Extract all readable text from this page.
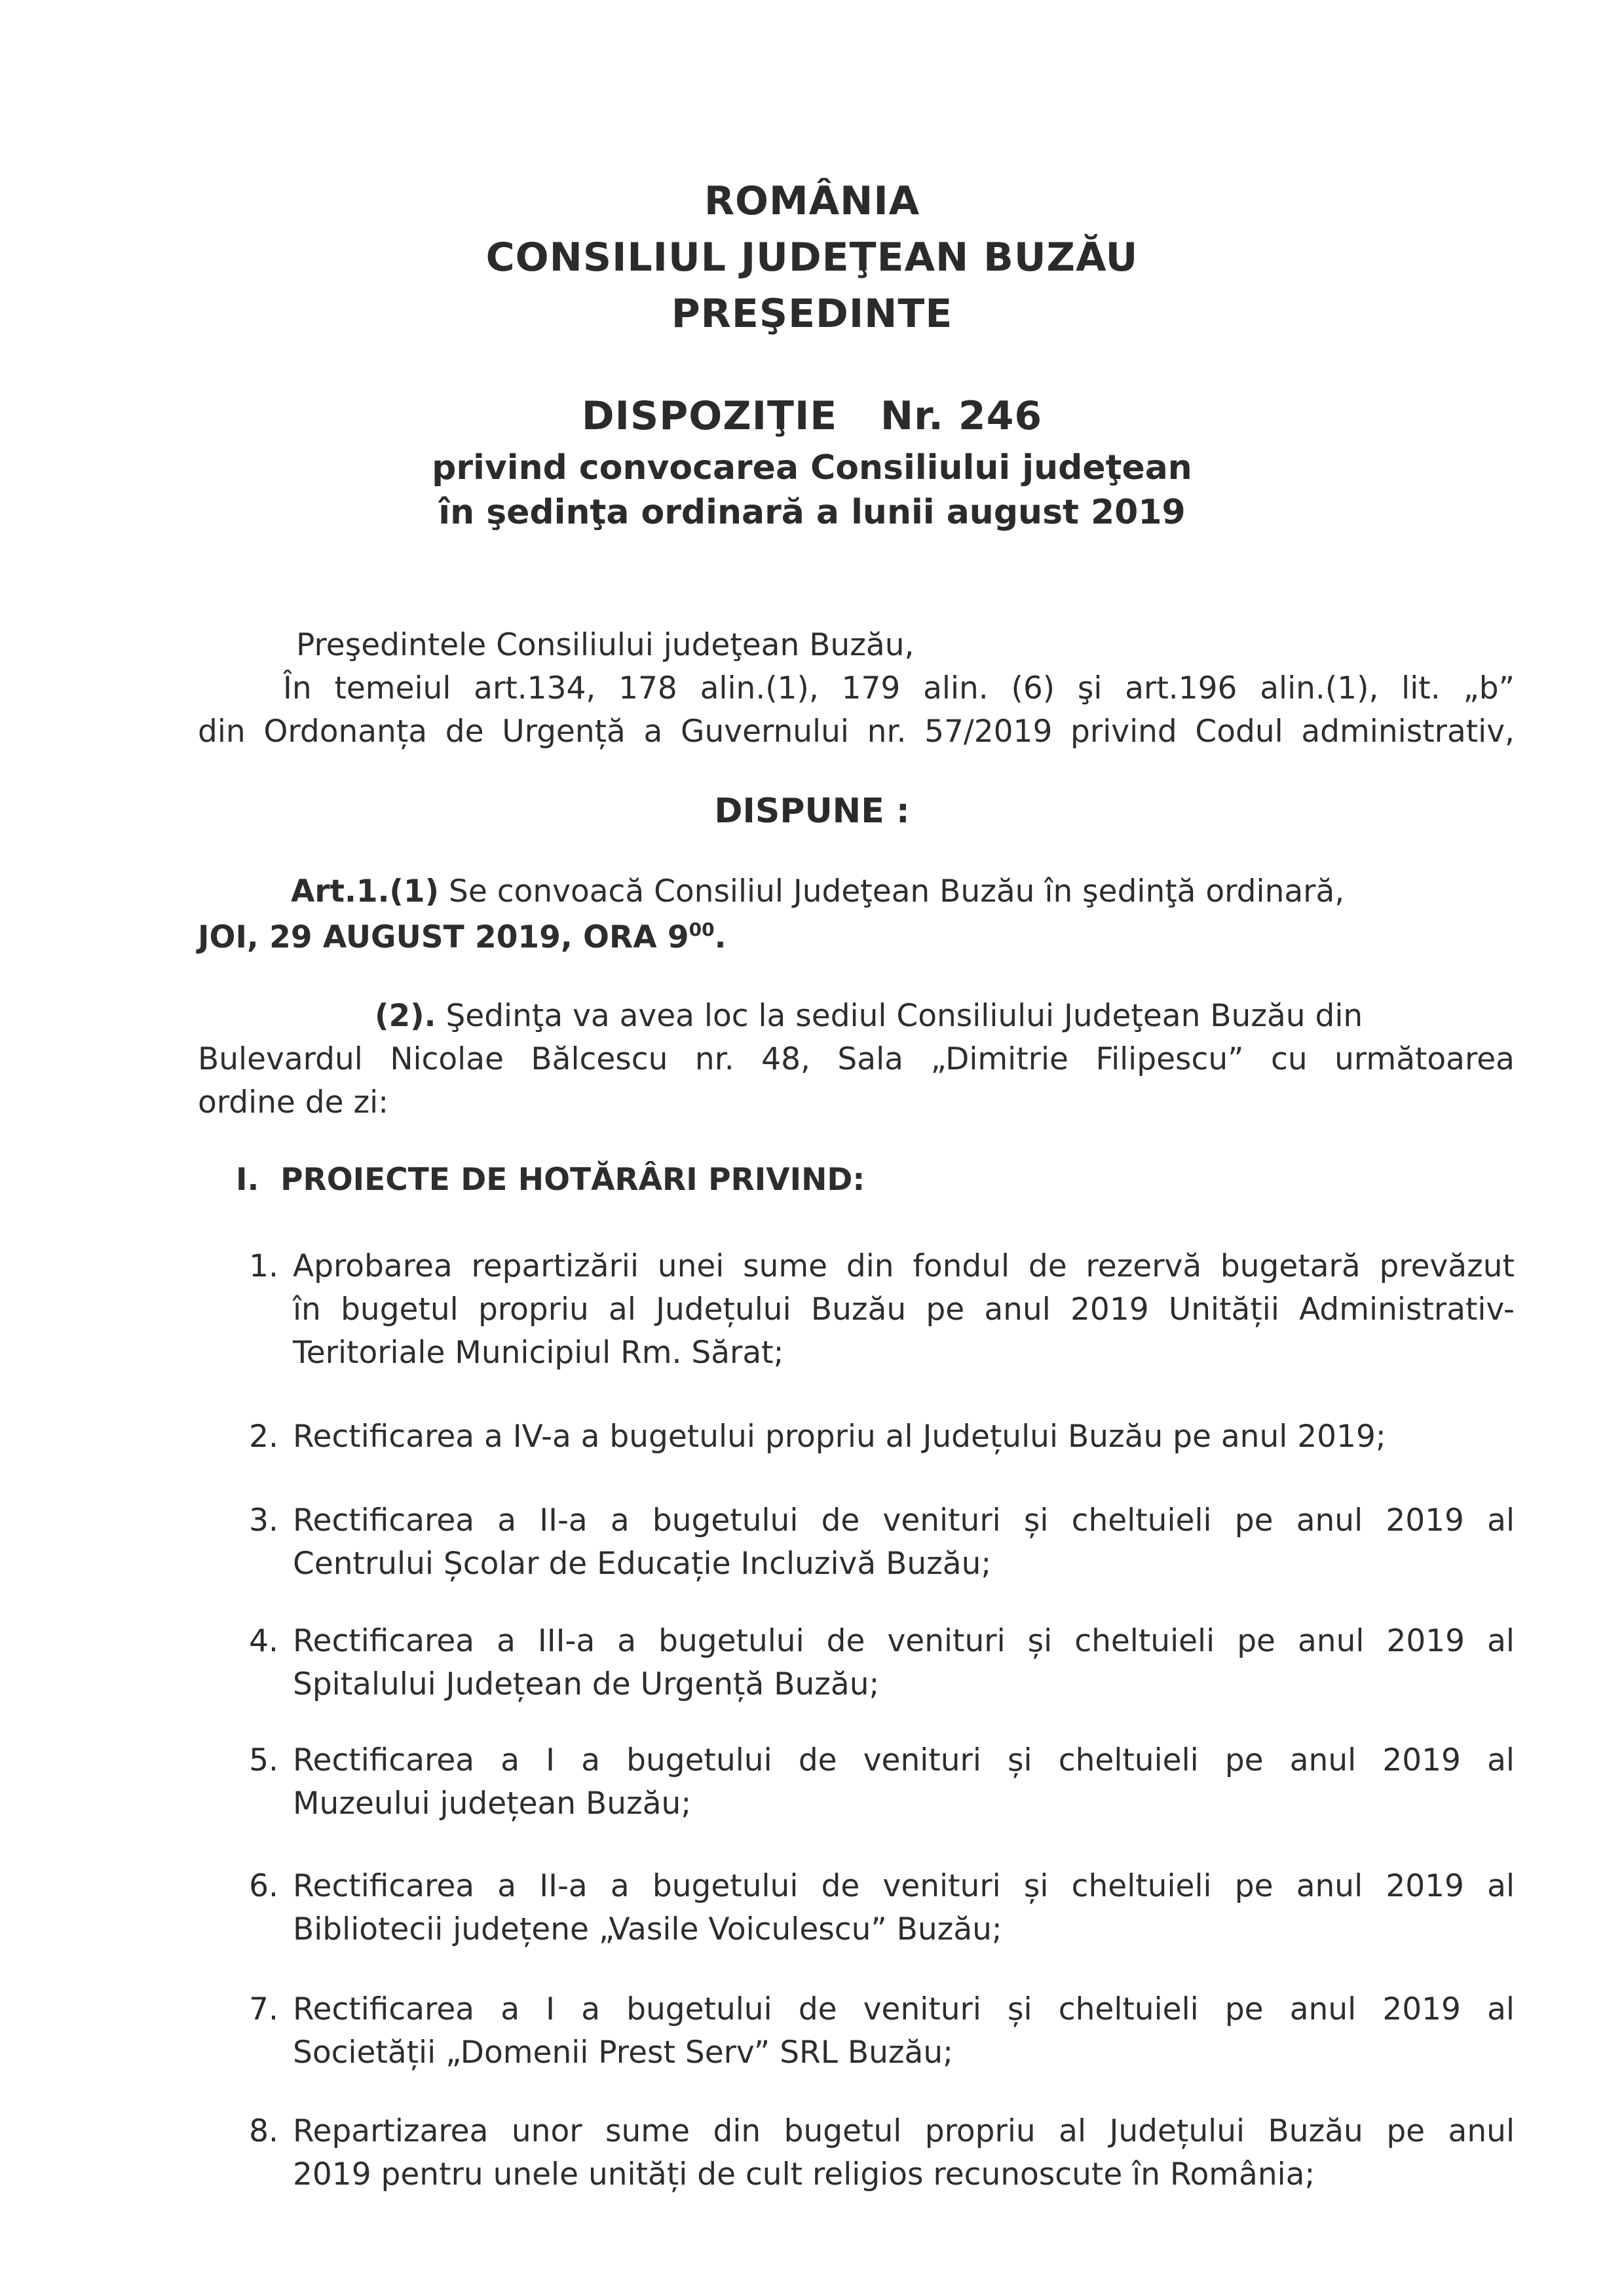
ROMÂNIA
CONSILIUL JUDEŢEAN BUZĂU
PREŞEDINTE
DISPOZIŢIE   Nr. 246
privind convocarea Consiliului judeţean
în şedinţa ordinară a lunii august 2019
Preşedintele Consiliului judeţean Buzău,
În temeiul art.134, 178 alin.(1), 179 alin. (6) şi art.196 alin.(1), lit. „b”
din Ordonanța de Urgență a Guvernului nr. 57/2019 privind Codul administrativ,
DISPUNE :
Art.1.(1) Se convoacă Consiliul Judeţean Buzău în şedinţă ordinară,
JOI, 29 AUGUST 2019, ORA $9^{00}$.
(2). Şedinţa va avea loc la sediul Consiliului Judeţean Buzău din
Bulevardul Nicolae Bălcescu nr. 48, Sala „Dimitrie Filipescu” cu următoarea
ordine de zi:
I.  PROIECTE DE HOTĂRÂRI PRIVIND:
1. Aprobarea repartizării unei sume din fondul de rezervă bugetară prevăzut
în bugetul propriu al Județului Buzău pe anul 2019 Unității Administrativ-
Teritoriale Municipiul Rm. Sărat;
2. Rectificarea a IV-a a bugetului propriu al Județului Buzău pe anul 2019;
3. Rectificarea a II-a a bugetului de venituri și cheltuieli pe anul 2019 al
Centrului Școlar de Educație Incluzivă Buzău;
4. Rectificarea a III-a a bugetului de venituri și cheltuieli pe anul 2019 al
Spitalului Județean de Urgență Buzău;
5. Rectificarea a I a bugetului de venituri și cheltuieli pe anul 2019 al
Muzeului județean Buzău;
6. Rectificarea a II-a a bugetului de venituri și cheltuieli pe anul 2019 al
Bibliotecii județene „Vasile Voiculescu” Buzău;
7. Rectificarea a I a bugetului de venituri și cheltuieli pe anul 2019 al
Societății „Domenii Prest Serv” SRL Buzău;
8. Repartizarea unor sume din bugetul propriu al Județului Buzău pe anul
2019 pentru unele unități de cult religios recunoscute în România;
